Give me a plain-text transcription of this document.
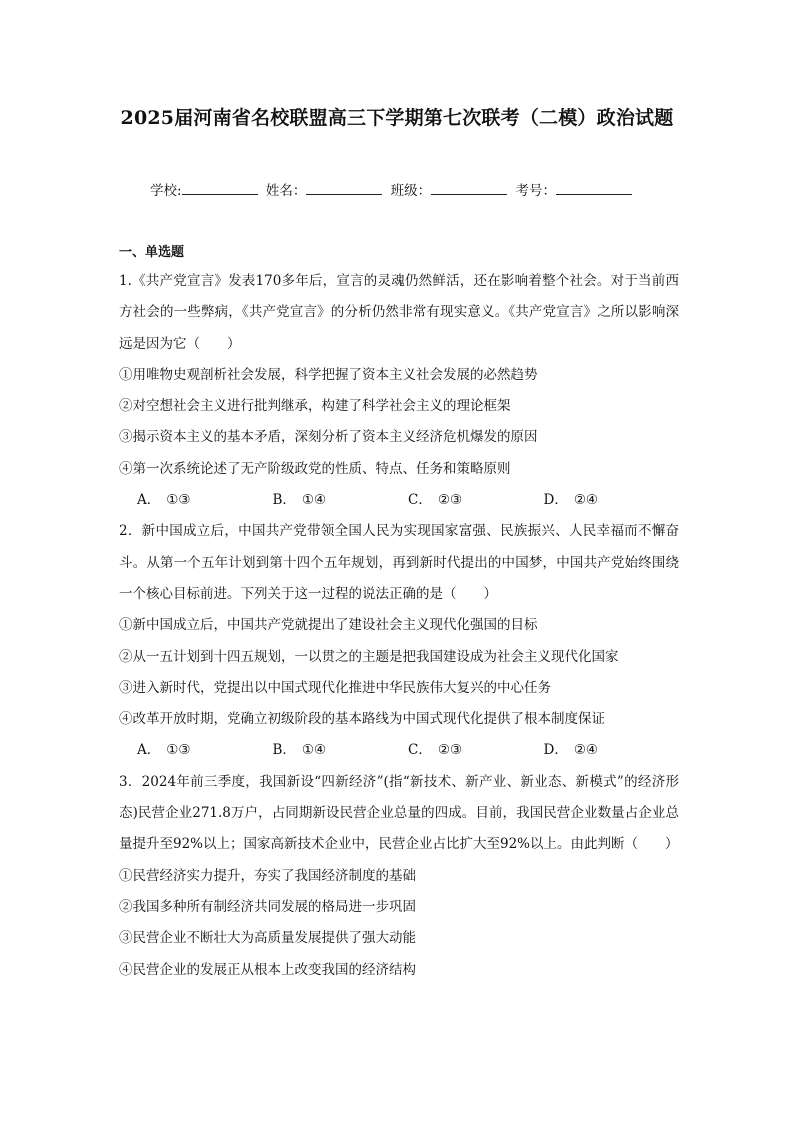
2025届河南省名校联盟高三下学期第七次联考（二模）政治试题
学校:	姓名：	班级：	考号：
一、单选题
1.《共产党宣言》发表170多年后，宣言的灵魂仍然鲜活，还在影响着整个社会。对于当前西方社会的一些弊病，《共产党宣言》的分析仍然非常有现实意义。《共产党宣言》之所以影响深远是因为它（　　）
①用唯物史观剖析社会发展，科学把握了资本主义社会发展的必然趋势
②对空想社会主义进行批判继承，构建了科学社会主义的理论框架
③揭示资本主义的基本矛盾，深刻分析了资本主义经济危机爆发的原因
④第一次系统论述了无产阶级政党的性质、特点、任务和策略原则
A． ①③	B． ①④	C． ②③	D． ②④
2．新中国成立后，中国共产党带领全国人民为实现国家富强、民族振兴、人民幸福而不懈奋斗。从第一个五年计划到第十四个五年规划，再到新时代提出的中国梦，中国共产党始终围绕一个核心目标前进。下列关于这一过程的说法正确的是（　　）
①新中国成立后，中国共产党就提出了建设社会主义现代化强国的目标
②从一五计划到十四五规划，一以贯之的主题是把我国建设成为社会主义现代化国家
③进入新时代，党提出以中国式现代化推进中华民族伟大复兴的中心任务
④改革开放时期，党确立初级阶段的基本路线为中国式现代化提供了根本制度保证
A． ①③	B． ①④	C． ②③	D． ②④
3．2024年前三季度，我国新设“四新经济”(指“新技术、新产业、新业态、新模式”的经济形态)民营企业271.8万户，占同期新设民营企业总量的四成。目前，我国民营企业数量占企业总量提升至92%以上；国家高新技术企业中，民营企业占比扩大至92%以上。由此判断（　　）
①民营经济实力提升，夯实了我国经济制度的基础
②我国多种所有制经济共同发展的格局进一步巩固
③民营企业不断壮大为高质量发展提供了强大动能
④民营企业的发展正从根本上改变我国的经济结构
